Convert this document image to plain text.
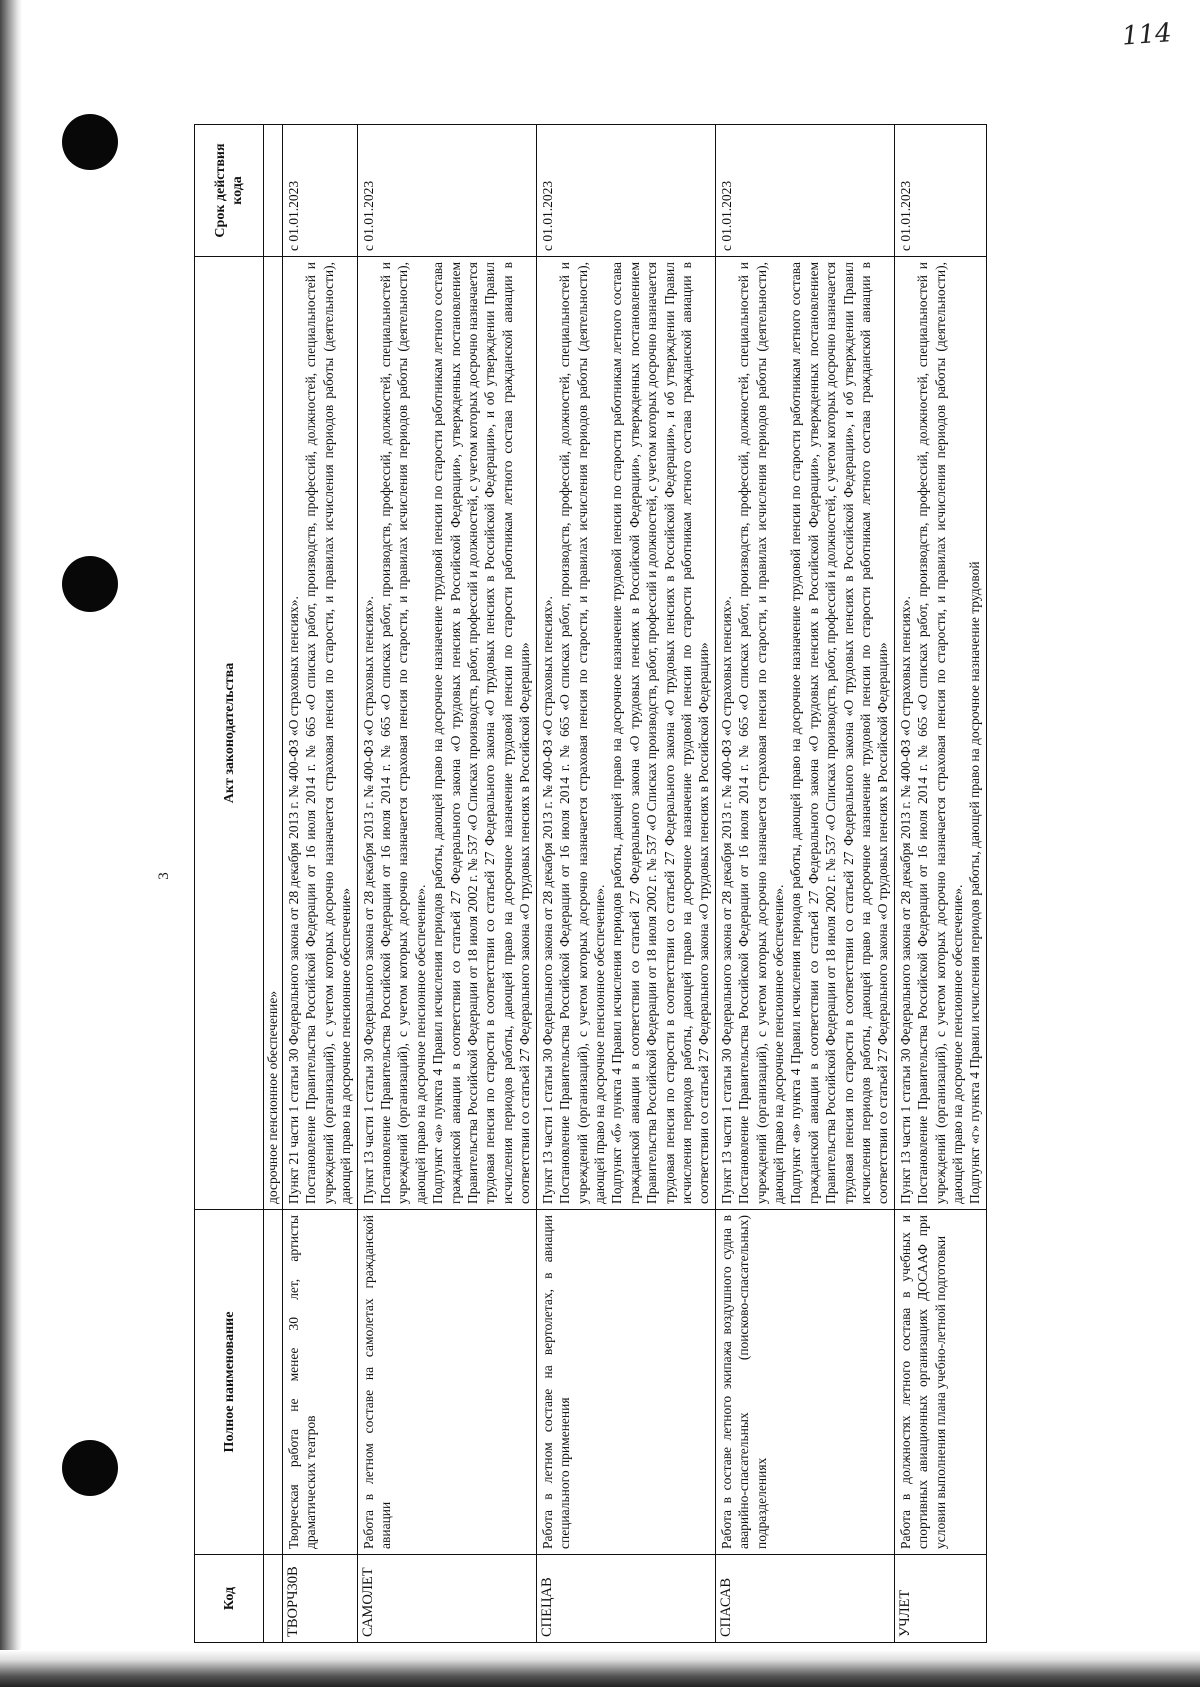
114
3
Код	Полное наименование	Акт законодательства	Срок действия кода
		досрочное пенсионное обеспечение»	
ТВОРЧ30В	Творческая работа не менее 30 лет, артисты драматических театров	Пункт 21 части 1 статьи 30 Федерального закона от 28 декабря 2013 г. № 400-ФЗ «О страховых пенсиях». Постановление Правительства Российской Федерации от 16 июля 2014 г. № 665 «О списках работ, производств, профессий, должностей, специальностей и учреждений (организаций), с учетом которых досрочно назначается страховая пенсия по старости, и правилах исчисления периодов работы (деятельности), дающей право на досрочное пенсионное обеспечение»	с 01.01.2023
САМОЛЕТ	Работа в летном составе на самолетах гражданской авиации	Пункт 13 части 1 статьи 30 Федерального закона от 28 декабря 2013 г. № 400-ФЗ «О страховых пенсиях». Постановление Правительства Российской Федерации от 16 июля 2014 г. № 665 «О списках работ, производств, профессий, должностей, специальностей и учреждений (организаций), с учетом которых досрочно назначается страховая пенсия по старости, и правилах исчисления периодов работы (деятельности), дающей право на досрочное пенсионное обеспечение». Подпункт «а» пункта 4 Правил исчисления периодов работы, дающей право на досрочное назначение трудовой пенсии по старости работникам летного состава гражданской авиации в соответствии со статьей 27 Федерального закона «О трудовых пенсиях в Российской Федерации», утвержденных постановлением Правительства Российской Федерации от 18 июля 2002 г. № 537 «О Списках производств, работ, профессий и должностей, с учетом которых досрочно назначается трудовая пенсия по старости в соответствии со статьей 27 Федерального закона «О трудовых пенсиях в Российской Федерации», и об утверждении Правил исчисления периодов работы, дающей право на досрочное назначение трудовой пенсии по старости работникам летного состава гражданской авиации в соответствии со статьей 27 Федерального закона «О трудовых пенсиях в Российской Федерации»	с 01.01.2023
СПЕЦАВ	Работа в летном составе на вертолетах, в авиации специального применения	Пункт 13 части 1 статьи 30 Федерального закона от 28 декабря 2013 г. № 400-ФЗ «О страховых пенсиях». Постановление Правительства Российской Федерации от 16 июля 2014 г. № 665 «О списках работ, производств, профессий, должностей, специальностей и учреждений (организаций), с учетом которых досрочно назначается страховая пенсия по старости, и правилах исчисления периодов работы (деятельности), дающей право на досрочное пенсионное обеспечение». Подпункт «б» пункта 4 Правил исчисления периодов работы, дающей право на досрочное назначение трудовой пенсии по старости работникам летного состава гражданской авиации в соответствии со статьей 27 Федерального закона «О трудовых пенсиях в Российской Федерации», утвержденных постановлением Правительства Российской Федерации от 18 июля 2002 г. № 537 «О Списках производств, работ, профессий и должностей, с учетом которых досрочно назначается трудовая пенсия по старости в соответствии со статьей 27 Федерального закона «О трудовых пенсиях в Российской Федерации», и об утверждении Правил исчисления периодов работы, дающей право на досрочное назначение трудовой пенсии по старости работникам летного состава гражданской авиации в соответствии со статьей 27 Федерального закона «О трудовых пенсиях в Российской Федерации»	с 01.01.2023
СПАСАВ	Работа в составе летного экипажа воздушного судна в аварийно-спасательных (поисково-спасательных) подразделениях	Пункт 13 части 1 статьи 30 Федерального закона от 28 декабря 2013 г. № 400-ФЗ «О страховых пенсиях». Постановление Правительства Российской Федерации от 16 июля 2014 г. № 665 «О списках работ, производств, профессий, должностей, специальностей и учреждений (организаций), с учетом которых досрочно назначается страховая пенсия по старости, и правилах исчисления периодов работы (деятельности), дающей право на досрочное пенсионное обеспечение». Подпункт «в» пункта 4 Правил исчисления периодов работы, дающей право на досрочное назначение трудовой пенсии по старости работникам летного состава гражданской авиации в соответствии со статьей 27 Федерального закона «О трудовых пенсиях в Российской Федерации», утвержденных постановлением Правительства Российской Федерации от 18 июля 2002 г. № 537 «О Списках производств, работ, профессий и должностей, с учетом которых досрочно назначается трудовая пенсия по старости в соответствии со статьей 27 Федерального закона «О трудовых пенсиях в Российской Федерации», и об утверждении Правил исчисления периодов работы, дающей право на досрочное назначение трудовой пенсии по старости работникам летного состава гражданской авиации в соответствии со статьей 27 Федерального закона «О трудовых пенсиях в Российской Федерации»	с 01.01.2023
УЧЛЕТ	Работа в должностях летного состава в учебных и спортивных авиационных организациях ДОСААФ при условии выполнения плана учебно-летной подготовки	Пункт 13 части 1 статьи 30 Федерального закона от 28 декабря 2013 г. № 400-ФЗ «О страховых пенсиях». Постановление Правительства Российской Федерации от 16 июля 2014 г. № 665 «О списках работ, производств, профессий, должностей, специальностей и учреждений (организаций), с учетом которых досрочно назначается страховая пенсия по старости, и правилах исчисления периодов работы (деятельности), дающей право на досрочное пенсионное обеспечение». Подпункт «г» пункта 4 Правил исчисления периодов работы, дающей право на досрочное назначение трудовой	с 01.01.2023
